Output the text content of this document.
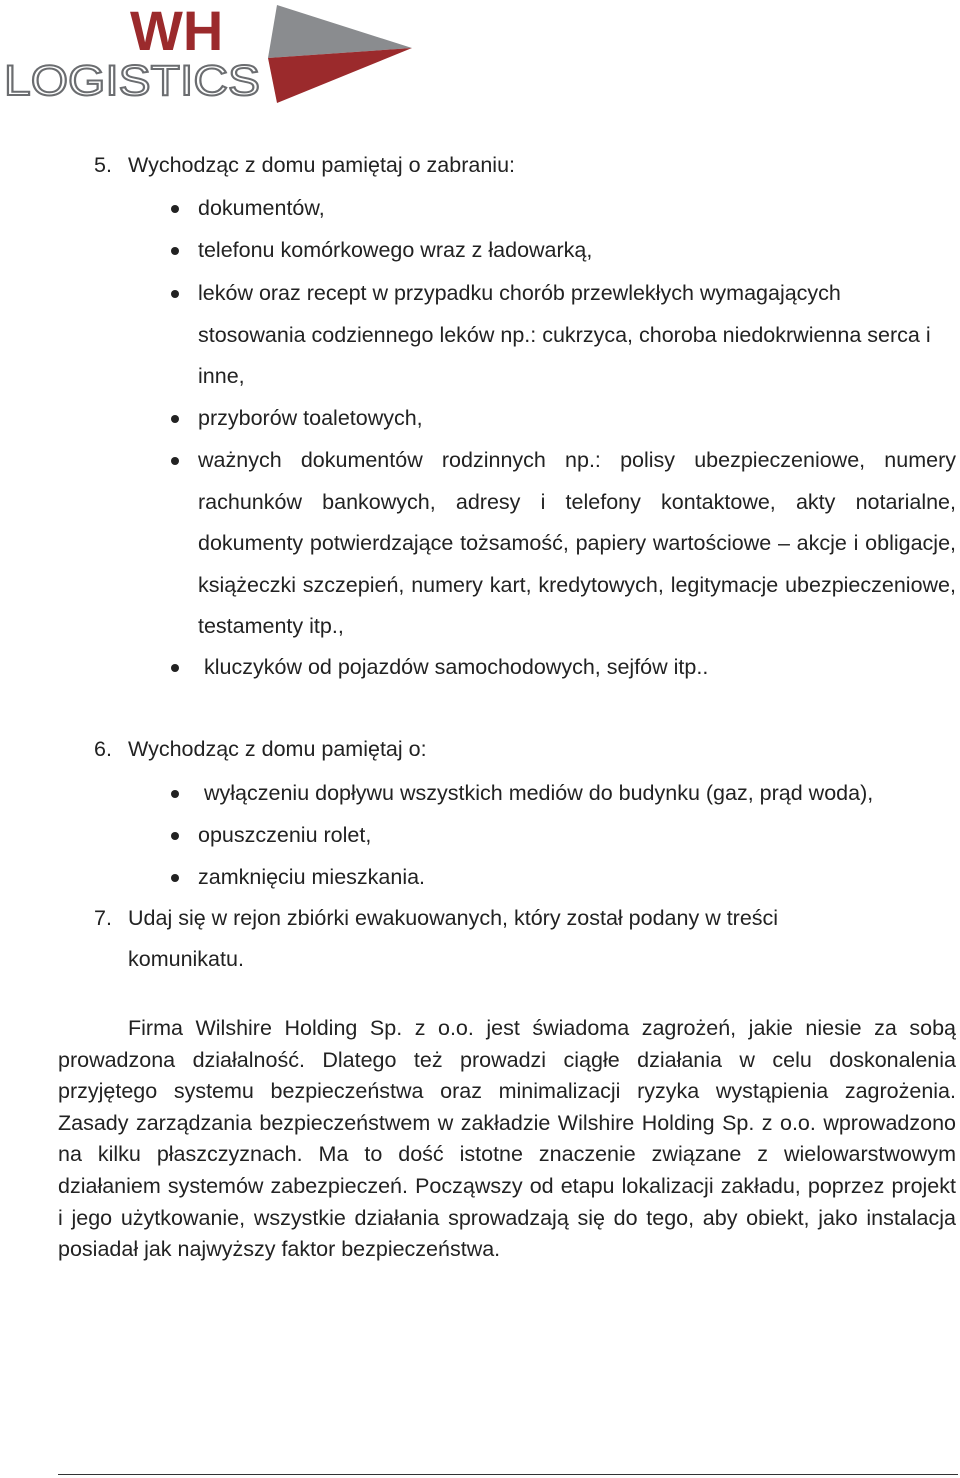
WH
LOGISTICS
5. Wychodząc z domu pamiętaj o zabraniu:
dokumentów,
telefonu komórkowego wraz z ładowarką,
leków oraz recept w przypadku chorób przewlekłych wymagających stosowania codziennego leków np.: cukrzyca, choroba niedokrwienna serca i inne,
przyborów toaletowych,
ważnych dokumentów rodzinnych np.: polisy ubezpieczeniowe, numery rachunków bankowych, adresy i telefony kontaktowe, akty notarialne, dokumenty potwierdzające tożsamość, papiery wartościowe – akcje i obligacje, książeczki szczepień, numery kart, kredytowych, legitymacje ubezpieczeniowe, testamenty itp.,
kluczyków od pojazdów samochodowych, sejfów itp..
6. Wychodząc z domu pamiętaj o:
wyłączeniu dopływu wszystkich mediów do budynku (gaz, prąd woda),
opuszczeniu rolet,
zamknięciu mieszkania.
7. Udaj się w rejon zbiórki ewakuowanych, który został podany w treści
komunikatu.
Firma Wilshire Holding Sp. z o.o. jest świadoma zagrożeń, jakie niesie za sobą prowadzona działalność. Dlatego też prowadzi ciągłe działania w celu doskonalenia przyjętego systemu bezpieczeństwa oraz minimalizacji ryzyka wystąpienia zagrożenia. Zasady zarządzania bezpieczeństwem w zakładzie Wilshire Holding Sp. z o.o. wprowadzono na kilku płaszczyznach. Ma to dość istotne znaczenie związane z wielowarstwowym działaniem systemów zabezpieczeń. Począwszy od etapu lokalizacji zakładu, poprzez projekt i jego użytkowanie, wszystkie działania sprowadzają się do tego, aby obiekt, jako instalacja posiadał jak najwyższy faktor bezpieczeństwa.
